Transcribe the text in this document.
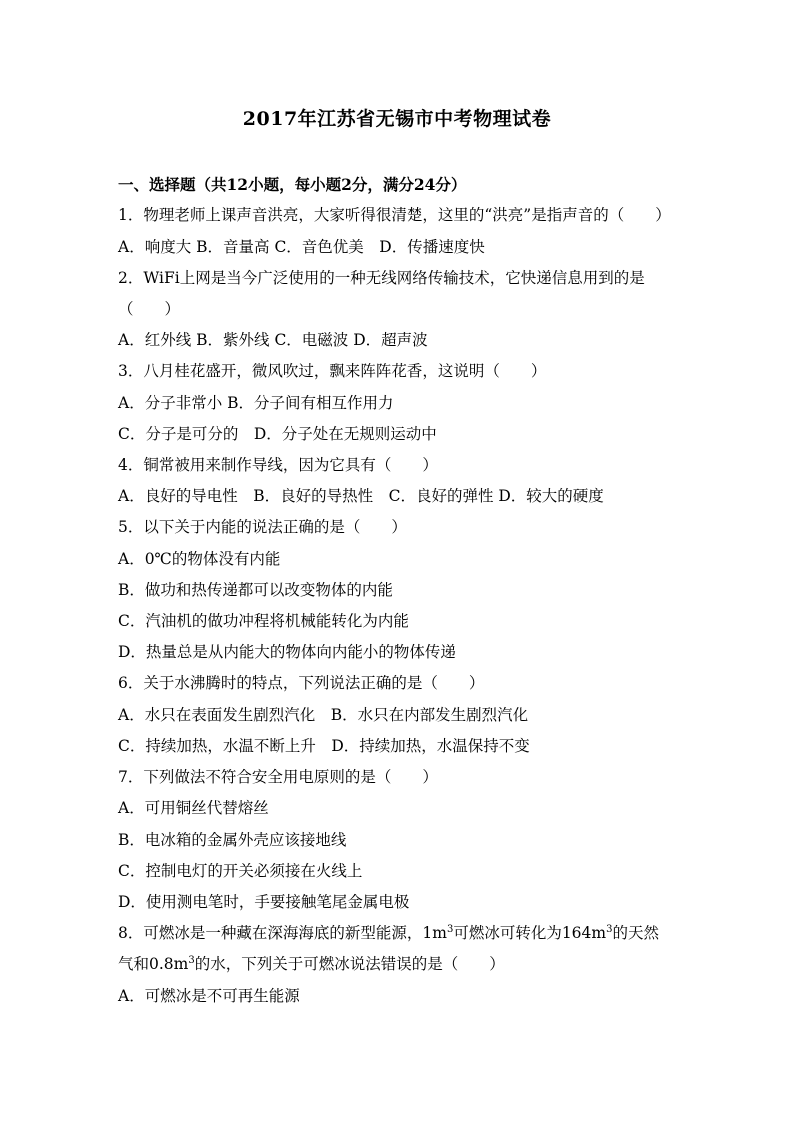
2017年江苏省无锡市中考物理试卷
一、选择题（共12小题，每小题2分，满分24分）
1．物理老师上课声音洪亮，大家听得很清楚，这里的“洪亮”是指声音的（　　）
A．响度大 B．音量高 C．音色优美　D．传播速度快
2．WiFi上网是当今广泛使用的一种无线网络传输技术，它快递信息用到的是
（　　）
A．红外线 B．紫外线 C．电磁波 D．超声波
3．八月桂花盛开，微风吹过，飘来阵阵花香，这说明（　　）
A．分子非常小 B．分子间有相互作用力
C．分子是可分的　D．分子处在无规则运动中
4．铜常被用来制作导线，因为它具有（　　）
A．良好的导电性　B．良好的导热性　C．良好的弹性 D．较大的硬度
5．以下关于内能的说法正确的是（　　）
A．0℃的物体没有内能
B．做功和热传递都可以改变物体的内能
C．汽油机的做功冲程将机械能转化为内能
D．热量总是从内能大的物体向内能小的物体传递
6．关于水沸腾时的特点，下列说法正确的是（　　）
A．水只在表面发生剧烈汽化　B．水只在内部发生剧烈汽化
C．持续加热，水温不断上升　D．持续加热，水温保持不变
7．下列做法不符合安全用电原则的是（　　）
A．可用铜丝代替熔丝
B．电冰箱的金属外壳应该接地线
C．控制电灯的开关必须接在火线上
D．使用测电笔时，手要接触笔尾金属电极
8．可燃冰是一种藏在深海海底的新型能源，$1m^3$可燃冰可转化为$164m^3$的天然
气和$0.8m^3$的水，下列关于可燃冰说法错误的是（　　）
A．可燃冰是不可再生能源
